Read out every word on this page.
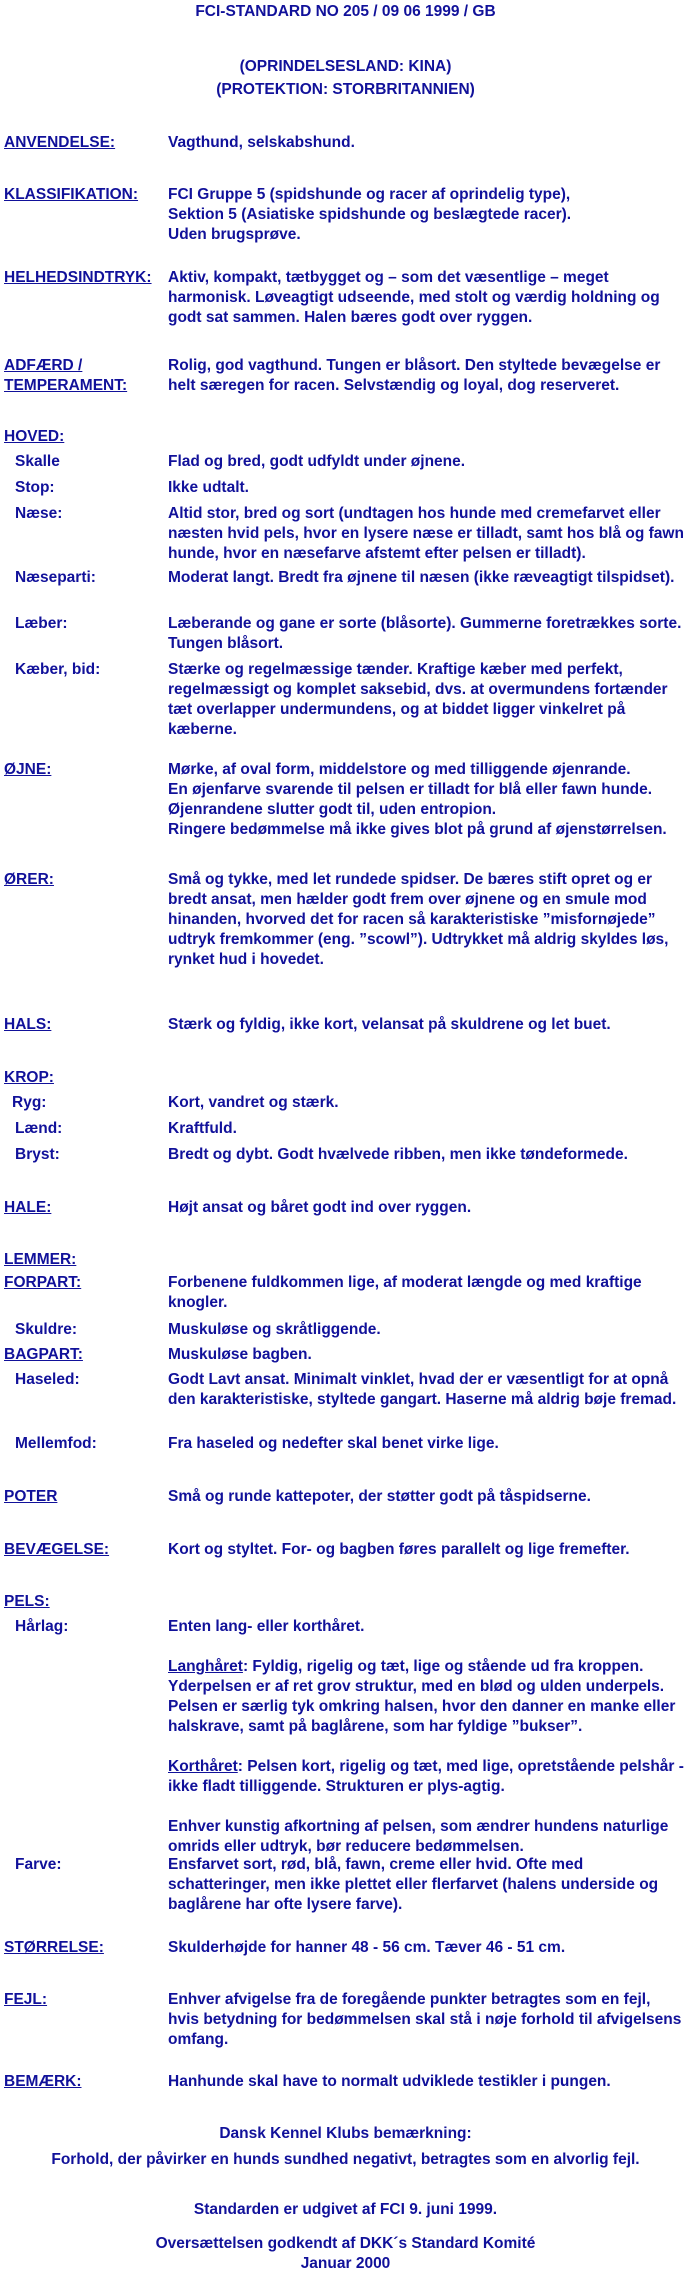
FCI-STANDARD NO 205 / 09 06 1999 / GB
(OPRINDELSESLAND: KINA)
(PROTEKTION: STORBRITANNIEN)
ANVENDELSE:	Vagthund, selskabshund.
KLASSIFIKATION:	FCI Gruppe 5 (spidshunde og racer af oprindelig type),

Sektion 5 (Asiatiske spidshunde og beslægtede racer).

Uden brugsprøve.

HELHEDSINDTRYK:	Aktiv, kompakt, tætbygget og – som det væsentlige – meget harmonisk. Løveagtigt udseende, med stolt og værdig holdning og godt sat sammen. Halen bæres godt over ryggen.
ADFÆRD /
TEMPERAMENT:
Rolig, god vagthund. Tungen er blåsort. Den styltede bevægelse er helt særegen for racen. Selvstændig og loyal, dog reserveret.
HOVED:
Skalle	Flad og bred, godt udfyldt under øjnene.
Stop:	Ikke udtalt.
Næse:	Altid stor, bred og sort (undtagen hos hunde med cremefarvet eller næsten hvid pels, hvor en lysere næse er tilladt, samt hos blå og fawn hunde, hvor en næsefarve afstemt efter pelsen er tilladt).
Næseparti:	Moderat langt. Bredt fra øjnene til næsen (ikke ræveagtigt tilspidset).
Læber:	Læberande og gane er sorte (blåsorte). Gummerne foretrækkes sorte. Tungen blåsort.
Kæber, bid:	Stærke og regelmæssige tænder. Kraftige kæber med perfekt, regelmæssigt og komplet saksebid, dvs. at overmundens fortænder tæt overlapper undermundens, og at biddet ligger vinkelret på kæberne.
ØJNE:	Mørke, af oval form, middelstore og med tilliggende øjenrande.

En øjenfarve svarende til pelsen er tilladt for blå eller fawn hunde.

Øjenrandene slutter godt til, uden entropion.

Ringere bedømmelse må ikke gives blot på grund af øjenstørrelsen.

ØRER:	Små og tykke, med let rundede spidser. De bæres stift opret og er bredt ansat, men hælder godt frem over øjnene og en smule mod hinanden, hvorved det for racen så karakteristiske ”misfornøjede” udtryk fremkommer (eng. ”scowl”). Udtrykket må aldrig skyldes løs, rynket hud i hovedet.
HALS:	Stærk og fyldig, ikke kort, velansat på skuldrene og let buet.
KROP:
Ryg:	Kort, vandret og stærk.
Lænd:	Kraftfuld.
Bryst:	Bredt og dybt. Godt hvælvede ribben, men ikke tøndeformede.
HALE:	Højt ansat og båret godt ind over ryggen.
LEMMER:
FORPART:	Forbenene fuldkommen lige, af moderat længde og med kraftige knogler.
Skuldre:	Muskuløse og skråtliggende.
BAGPART:	Muskuløse bagben.
Haseled:	Godt Lavt ansat. Minimalt vinklet, hvad der er væsentligt for at opnå den karakteristiske, styltede gangart. Haserne må aldrig bøje fremad.
Mellemfod:	Fra haseled og nedefter skal benet virke lige.
POTER	Små og runde kattepoter, der støtter godt på tåspidserne.
BEVÆGELSE:	Kort og styltet. For- og bagben føres parallelt og lige fremefter.
PELS:
Hårlag:	Enten lang- eller korthåret.

Langhåret: Fyldig, rigelig og tæt, lige og stående ud fra kroppen. Yderpelsen er af ret grov struktur, med en blød og ulden underpels. Pelsen er særlig tyk omkring halsen, hvor den danner en manke eller halskrave, samt på baglårene, som har fyldige ”bukser”.

Korthåret: Pelsen kort, rigelig og tæt, med lige, opretstående pelshår - ikke fladt tilliggende. Strukturen er plys-agtig.

Enhver kunstig afkortning af pelsen, som ændrer hundens naturlige omrids eller udtryk, bør reducere bedømmelsen.

Farve:	Ensfarvet sort, rød, blå, fawn, creme eller hvid. Ofte med schatteringer, men ikke plettet eller flerfarvet (halens underside og baglårene har ofte lysere farve).
STØRRELSE:	Skulderhøjde for hanner 48 - 56 cm. Tæver 46 - 51 cm.
FEJL:	Enhver afvigelse fra de foregående punkter betragtes som en fejl, hvis betydning for bedømmelsen skal stå i nøje forhold til afvigelsens omfang.
BEMÆRK:	Hanhunde skal have to normalt udviklede testikler i pungen.
Dansk Kennel Klubs bemærkning:
Forhold, der påvirker en hunds sundhed negativt, betragtes som en alvorlig fejl.
Standarden er udgivet af FCI 9. juni 1999.
Oversættelsen godkendt af DKK´s Standard Komité
Januar 2000
